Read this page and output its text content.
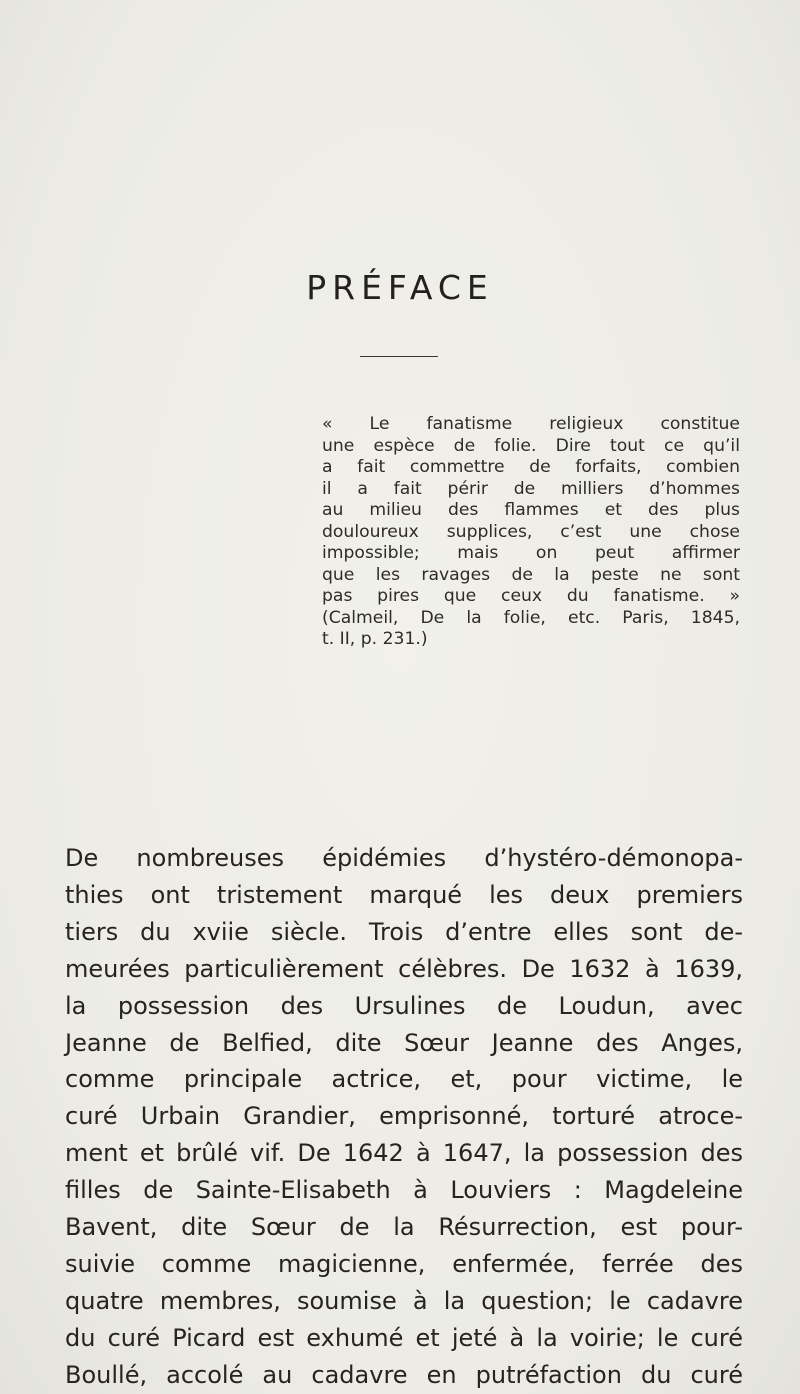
PRÉFACE
« Le fanatisme religieux constitue
une espèce de folie. Dire tout ce qu’il
a fait commettre de forfaits, combien
il a fait périr de milliers d’hommes
au milieu des flammes et des plus
douloureux supplices, c’est une chose
impossible; mais on peut affirmer
que les ravages de la peste ne sont
pas pires que ceux du fanatisme. »
(Calmeil, De la folie, etc. Paris, 1845,
t. II, p. 231.)
De nombreuses épidémies d’hystéro-démonopa-
thies ont tristement marqué les deux premiers
tiers du xviie siècle. Trois d’entre elles sont de-
meurées particulièrement célèbres. De 1632 à 1639,
la possession des Ursulines de Loudun, avec
Jeanne de Belfied, dite Sœur Jeanne des Anges,
comme principale actrice, et, pour victime, le
curé Urbain Grandier, emprisonné, torturé atroce-
ment et brûlé vif. De 1642 à 1647, la possession des
filles de Sainte-Elisabeth à Louviers : Magdeleine
Bavent, dite Sœur de la Résurrection, est pour-
suivie comme magicienne, enfermée, ferrée des
quatre membres, soumise à la question; le cadavre
du curé Picard est exhumé et jeté à la voirie; le curé
Boullé, accolé au cadavre en putréfaction du curé
